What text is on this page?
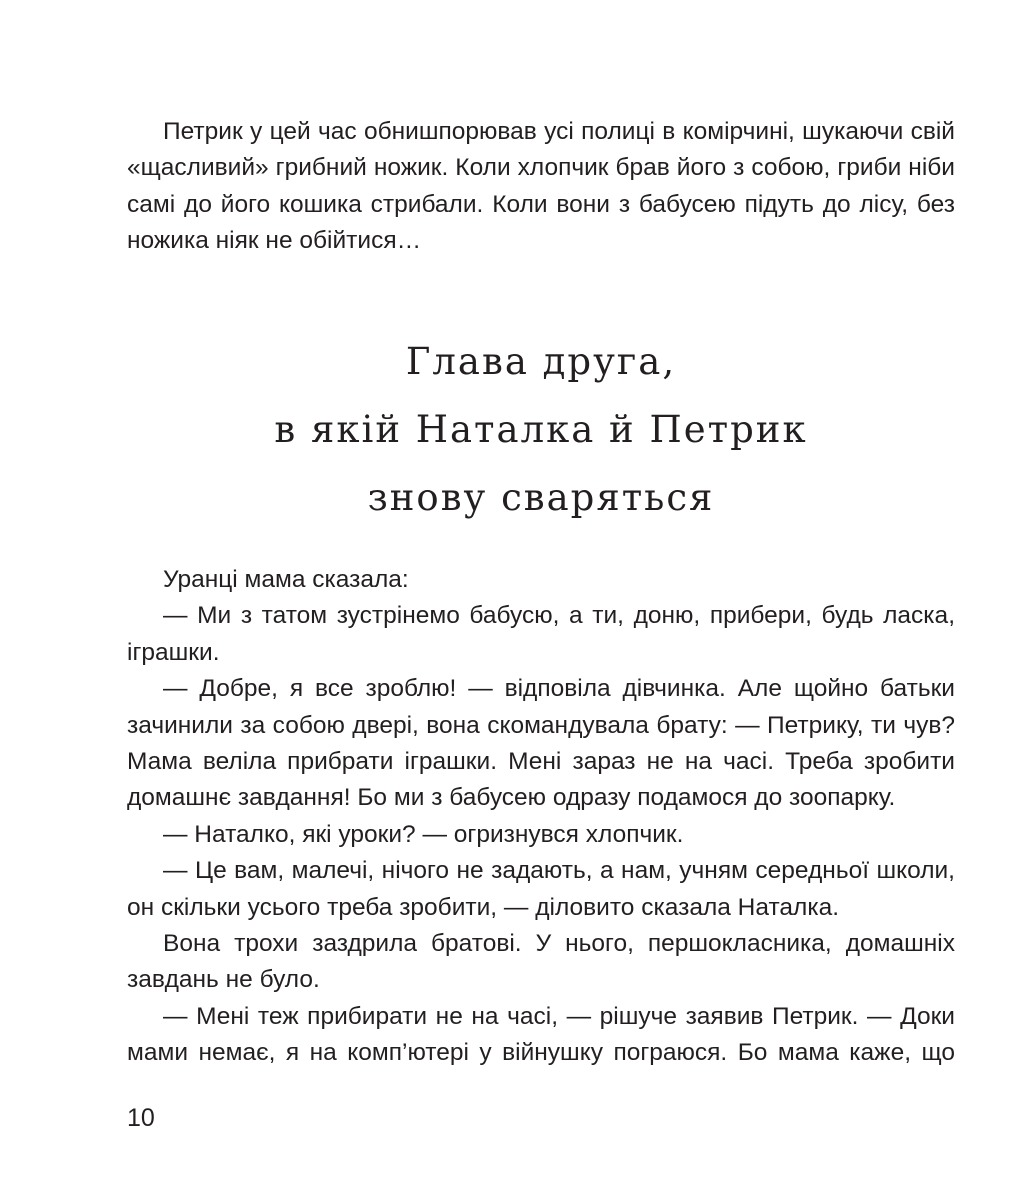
Петрик у цей час обнишпорював усі полиці в комірчині, шукаючи свій «щасливий» грибний ножик. Коли хлопчик брав його з собою, гриби ніби самі до його кошика стрибали. Коли вони з бабусею підуть до лісу, без ножика ніяк не обійтися…

Глава друга,
в якій Наталка й Петрик
знову сваряться

Уранці мама сказала:

— Ми з татом зустрінемо бабусю, а ти, доню, прибери, будь ласка, іграшки.

— Добре, я все зроблю! — відповіла дівчинка. Але щойно батьки зачинили за собою двері, вона скомандувала брату: — Петрику, ти чув? Мама веліла прибрати іграшки. Мені зараз не на часі. Треба зробити домашнє завдання! Бо ми з бабусею одразу подамося до зоопарку.

— Наталко, які уроки? — огризнувся хлопчик.

— Це вам, малечі, нічого не задають, а нам, учням середньої школи, он скільки усього треба зробити, — діловито сказала Наталка.

Вона трохи заздрила братові. У нього, першокласника, домашніх завдань не було.

— Мені теж прибирати не на часі, — рішуче заявив Петрик. — Доки мами немає, я на комп’ютері у війнушку пограюся. Бо мама каже, що

10
